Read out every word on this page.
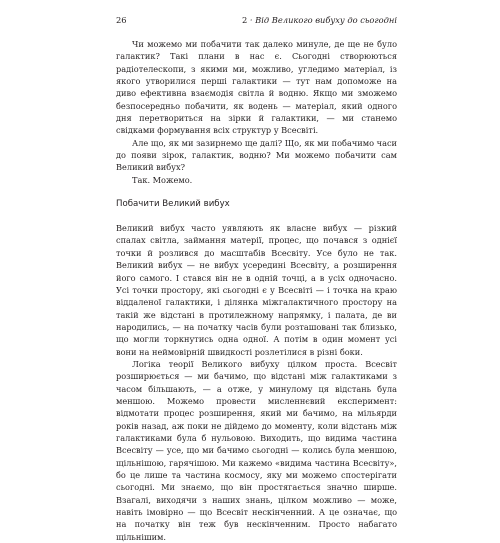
26	2 · Від Великого вибуху до сьогодні

Чи можемо ми побачити так далеко минуле, де ще не було галактик? Такі плани в нас є. Сьогодні створюються радіотелескопи, з якими ми, можливо, угледимо матеріал, із якого утворилися перші галактики — тут нам допоможе на диво ефективна взаємодія світла й водню. Якщо ми зможемо безпосередньо побачити, як водень — матеріал, який одного дня перетвориться на зірки й галактики, — ми станемо свідками формування всіх структур у Всесвіті.

Але що, як ми зазирнемо ще далі? Що, як ми побачимо часи до появи зірок, галактик, водню? Ми можемо побачити сам Великий вибух?

Так. Можемо.

Побачити Великий вибух

Великий вибух часто уявляють як власне вибух — різкий спалах світла, займання матерії, процес, що почався з однієї точки й розлився до масштабів Всесвіту. Усе було не так. Великий вибух — не вибух усередині Всесвіту, а розширення його самого. І стався він не в одній точці, а в усіх одночасно. Усі точки простору, які сьогодні є у Всесвіті — і точка на краю віддаленої галактики, і ділянка міжгалактичного простору на такій же відстані в протилежному напрямку, і палата, де ви народились, — на початку часів були розташовані так близько, що могли торкнутись одна одної. А потім в один момент усі вони на неймовірній швидкості розлетілися в різні боки.

Логіка теорії Великого вибуху цілком проста. Всесвіт розширюється — ми бачимо, що відстані між галактиками з часом більшають, — а отже, у минулому ця відстань була меншою. Можемо провести мисленнєвий експеримент: відмотати процес розширення, який ми бачимо, на мільярди років назад, аж поки не дійдемо до моменту, коли відстань між галактиками була б нульовою. Виходить, що видима частина Всесвіту — усе, що ми бачимо сьогодні — колись була меншою, щільнішою, гарячішою. Ми кажемо «видима частина Всесвіту», бо це лише та частина космосу, яку ми можемо спостерігати сьогодні. Ми знаємо, що він простягається значно ширше. Взагалі, виходячи з наших знань, цілком можливо — може, навіть імовірно — що Всесвіт нескінченний. А це означає, що на початку він теж був нескінченним. Просто набагато щільнішим.
